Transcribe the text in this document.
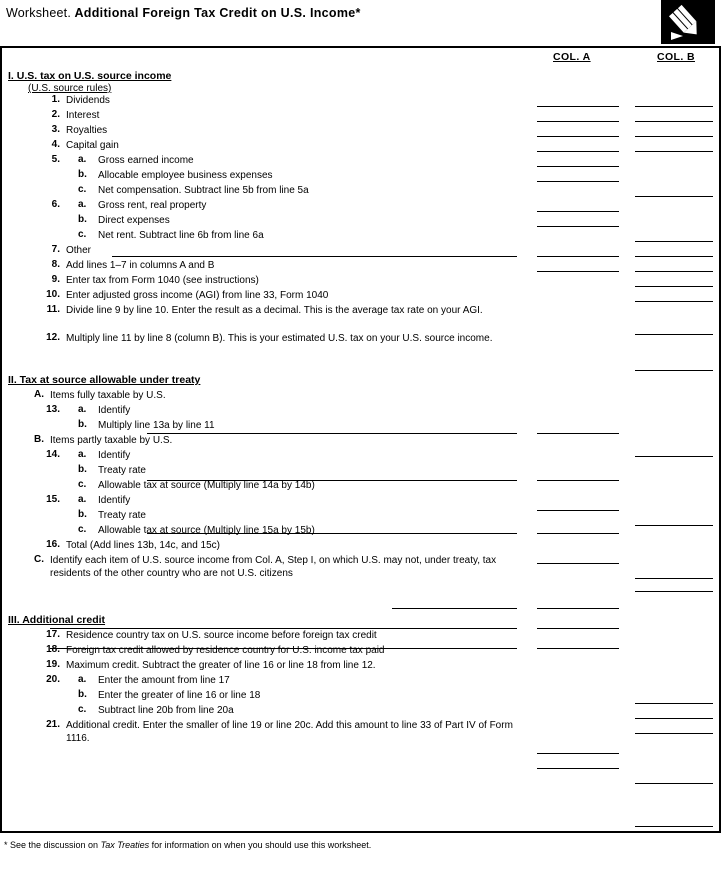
Worksheet. Additional Foreign Tax Credit on U.S. Income*
COL. A	COL. B
I. U.S. tax on U.S. source income
(U.S. source rules)
1. Dividends
2. Interest
3. Royalties
4. Capital gain
5. a. Gross earned income
b. Allocable employee business expenses
c. Net compensation. Subtract line 5b from line 5a
6. a. Gross rent, real property
b. Direct expenses
c. Net rent. Subtract line 6b from line 6a
7. Other
8. Add lines 1–7 in columns A and B
9. Enter tax from Form 1040 (see instructions)
10. Enter adjusted gross income (AGI) from line 33, Form 1040
11. Divide line 9 by line 10. Enter the result as a decimal. This is the average tax rate on your AGI.
12. Multiply line 11 by line 8 (column B). This is your estimated U.S. tax on your U.S. source income.
II. Tax at source allowable under treaty
A. Items fully taxable by U.S.
13. a. Identify
b. Multiply line 13a by line 11
B. Items partly taxable by U.S.
14. a. Identify
b. Treaty rate
c. Allowable tax at source (Multiply line 14a by 14b)
15. a. Identify
b. Treaty rate
c. Allowable tax at source (Multiply line 15a by 15b)
16. Total (Add lines 13b, 14c, and 15c)
C. Identify each item of U.S. source income from Col. A, Step I, on which U.S. may not, under treaty, tax residents of the other country who are not U.S. citizens
III. Additional credit
17. Residence country tax on U.S. source income before foreign tax credit
18. Foreign tax credit allowed by residence country for U.S. income tax paid
19. Maximum credit. Subtract the greater of line 16 or line 18 from line 12.
20. a. Enter the amount from line 17
b. Enter the greater of line 16 or line 18
c. Subtract line 20b from line 20a
21. Additional credit. Enter the smaller of line 19 or line 20c. Add this amount to line 33 of Part IV of Form 1116.
* See the discussion on Tax Treaties for information on when you should use this worksheet.
